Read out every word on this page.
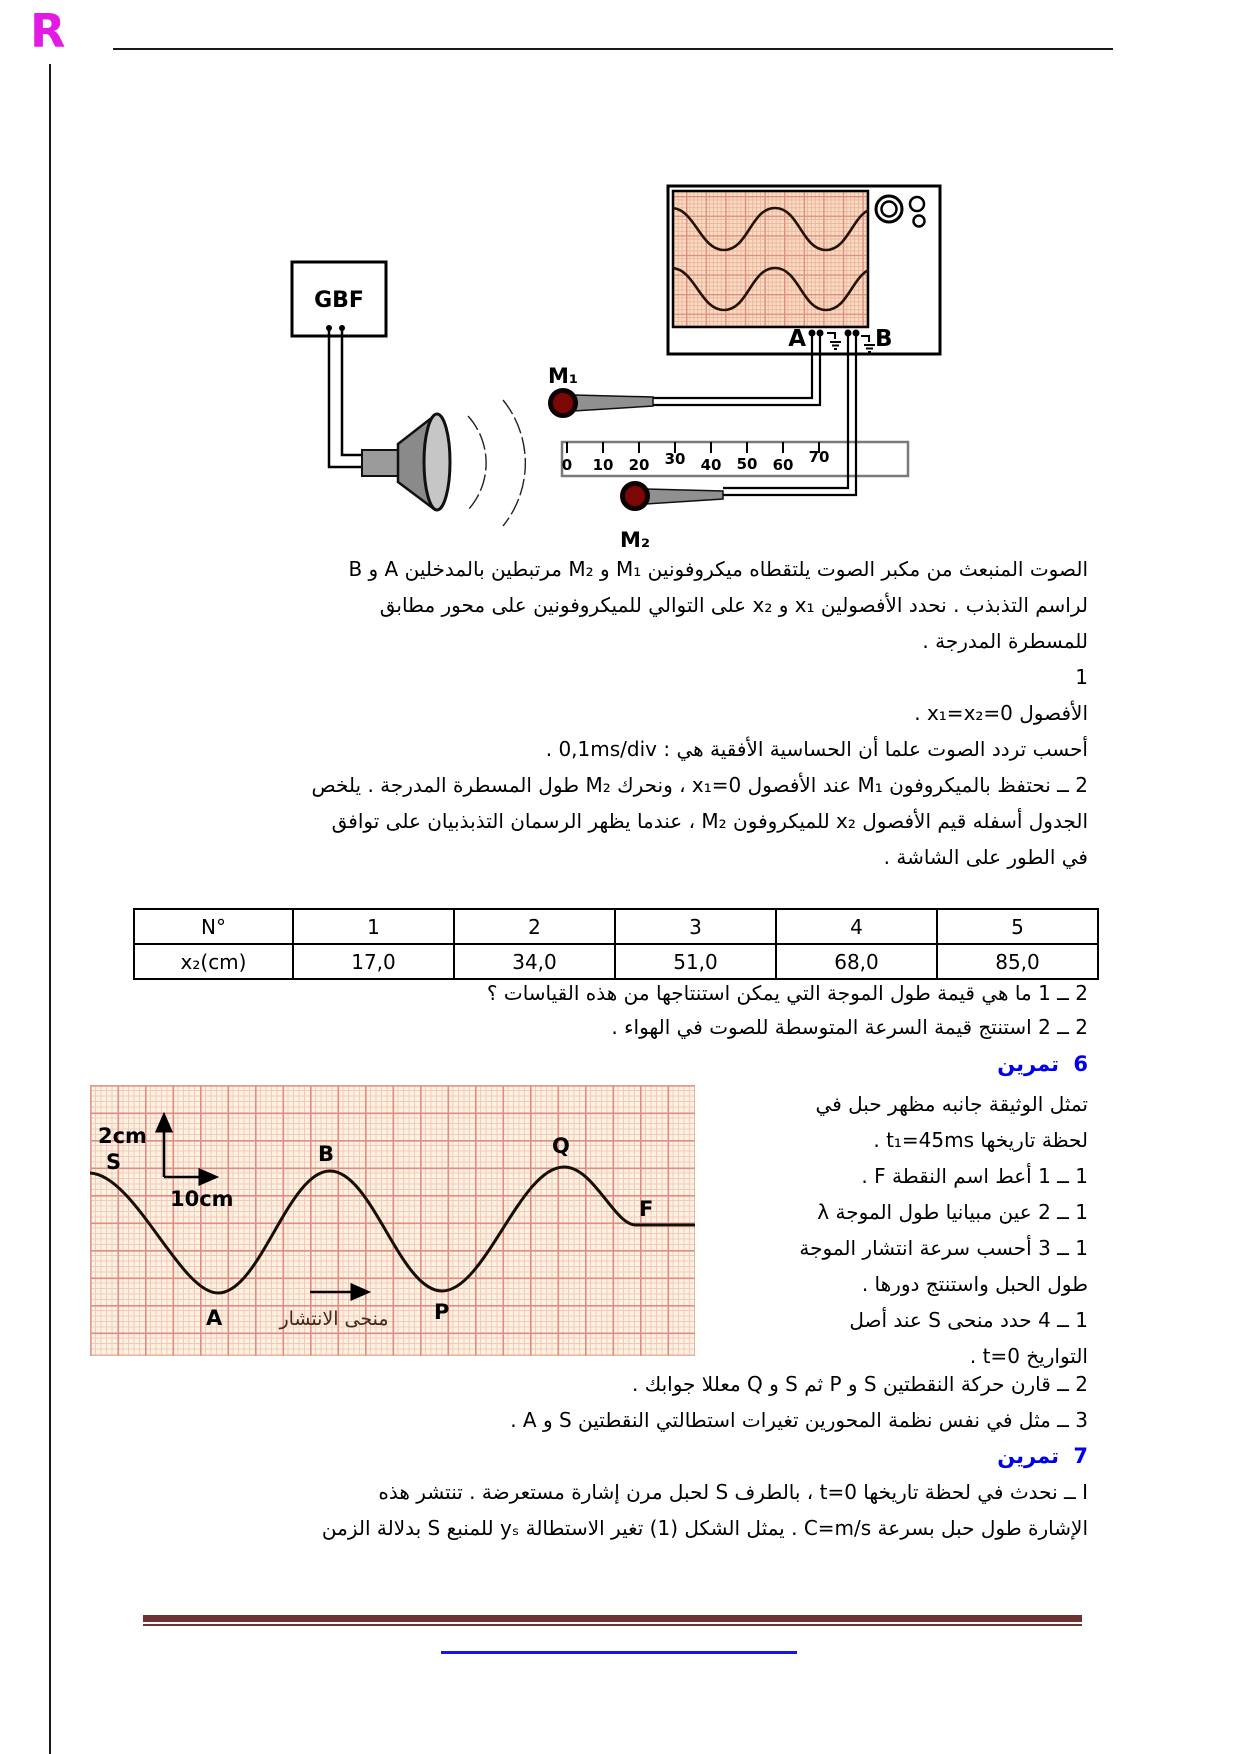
R
GBF
A	B
0 10 20 30 40 50 60 70
M₁
M₂
الصوت المنبعث من مكبر الصوت يلتقطاه ميكروفونين M₁ و M₂ مرتبطين بالمدخلين A و B
لراسم التذبذب . نحدد الأفصولين x₁ و x₂ على التوالي للميكروفونين على محور مطابق
للمسطرة المدرجة .
1
الأفصول x₁=x₂=0 .
أحسب تردد الصوت علما أن الحساسية الأفقية هي : 0,1ms/div .
2 ــ نحتفظ بالميكروفون M₁ عند الأفصول x₁=0 ، ونحرك M₂ طول المسطرة المدرجة . يلخص
الجدول أسفله قيم الأفصول x₂ للميكروفون M₂ ، عندما يظهر الرسمان التذبذبيان على توافق
في الطور على الشاشة .
N°	1	2	3	4	5
x₂(cm)	17,0	34,0	51,0	68,0	85,0
2 ــ 1 ما هي قيمة طول الموجة التي يمكن استنتاجها من هذه القياسات ؟
2 ــ 2 استنتج قيمة السرعة المتوسطة للصوت في الهواء .
6 تمرين
2cm
10cm
S	B	Q
A	P
F
منحى الانتشار
تمثل الوثيقة جانبه مظهر حبل في
لحظة تاريخها t₁=45ms .
1 ــ 1 أعط اسم النقطة F .
1 ــ 2 عين مبيانيا طول الموجة λ
1 ــ 3 أحسب سرعة انتشار الموجة
طول الحبل واستنتج دورها .
1 ــ 4 حدد منحى S عند أصل
التواريخ t=0 .
2 ــ قارن حركة النقطتين S و P ثم S و Q معللا جوابك .
3 ــ مثل في نفس نظمة المحورين تغيرات استطالتي النقطتين S و A .
7 تمرين
I ــ نحدث في لحظة تاريخها t=0 ، بالطرف S لحبل مرن إشارة مستعرضة . تنتشر هذه
الإشارة طول حبل بسرعة C=m/s . يمثل الشكل (1) تغير الاستطالة yₛ للمنبع S بدلالة الزمن
